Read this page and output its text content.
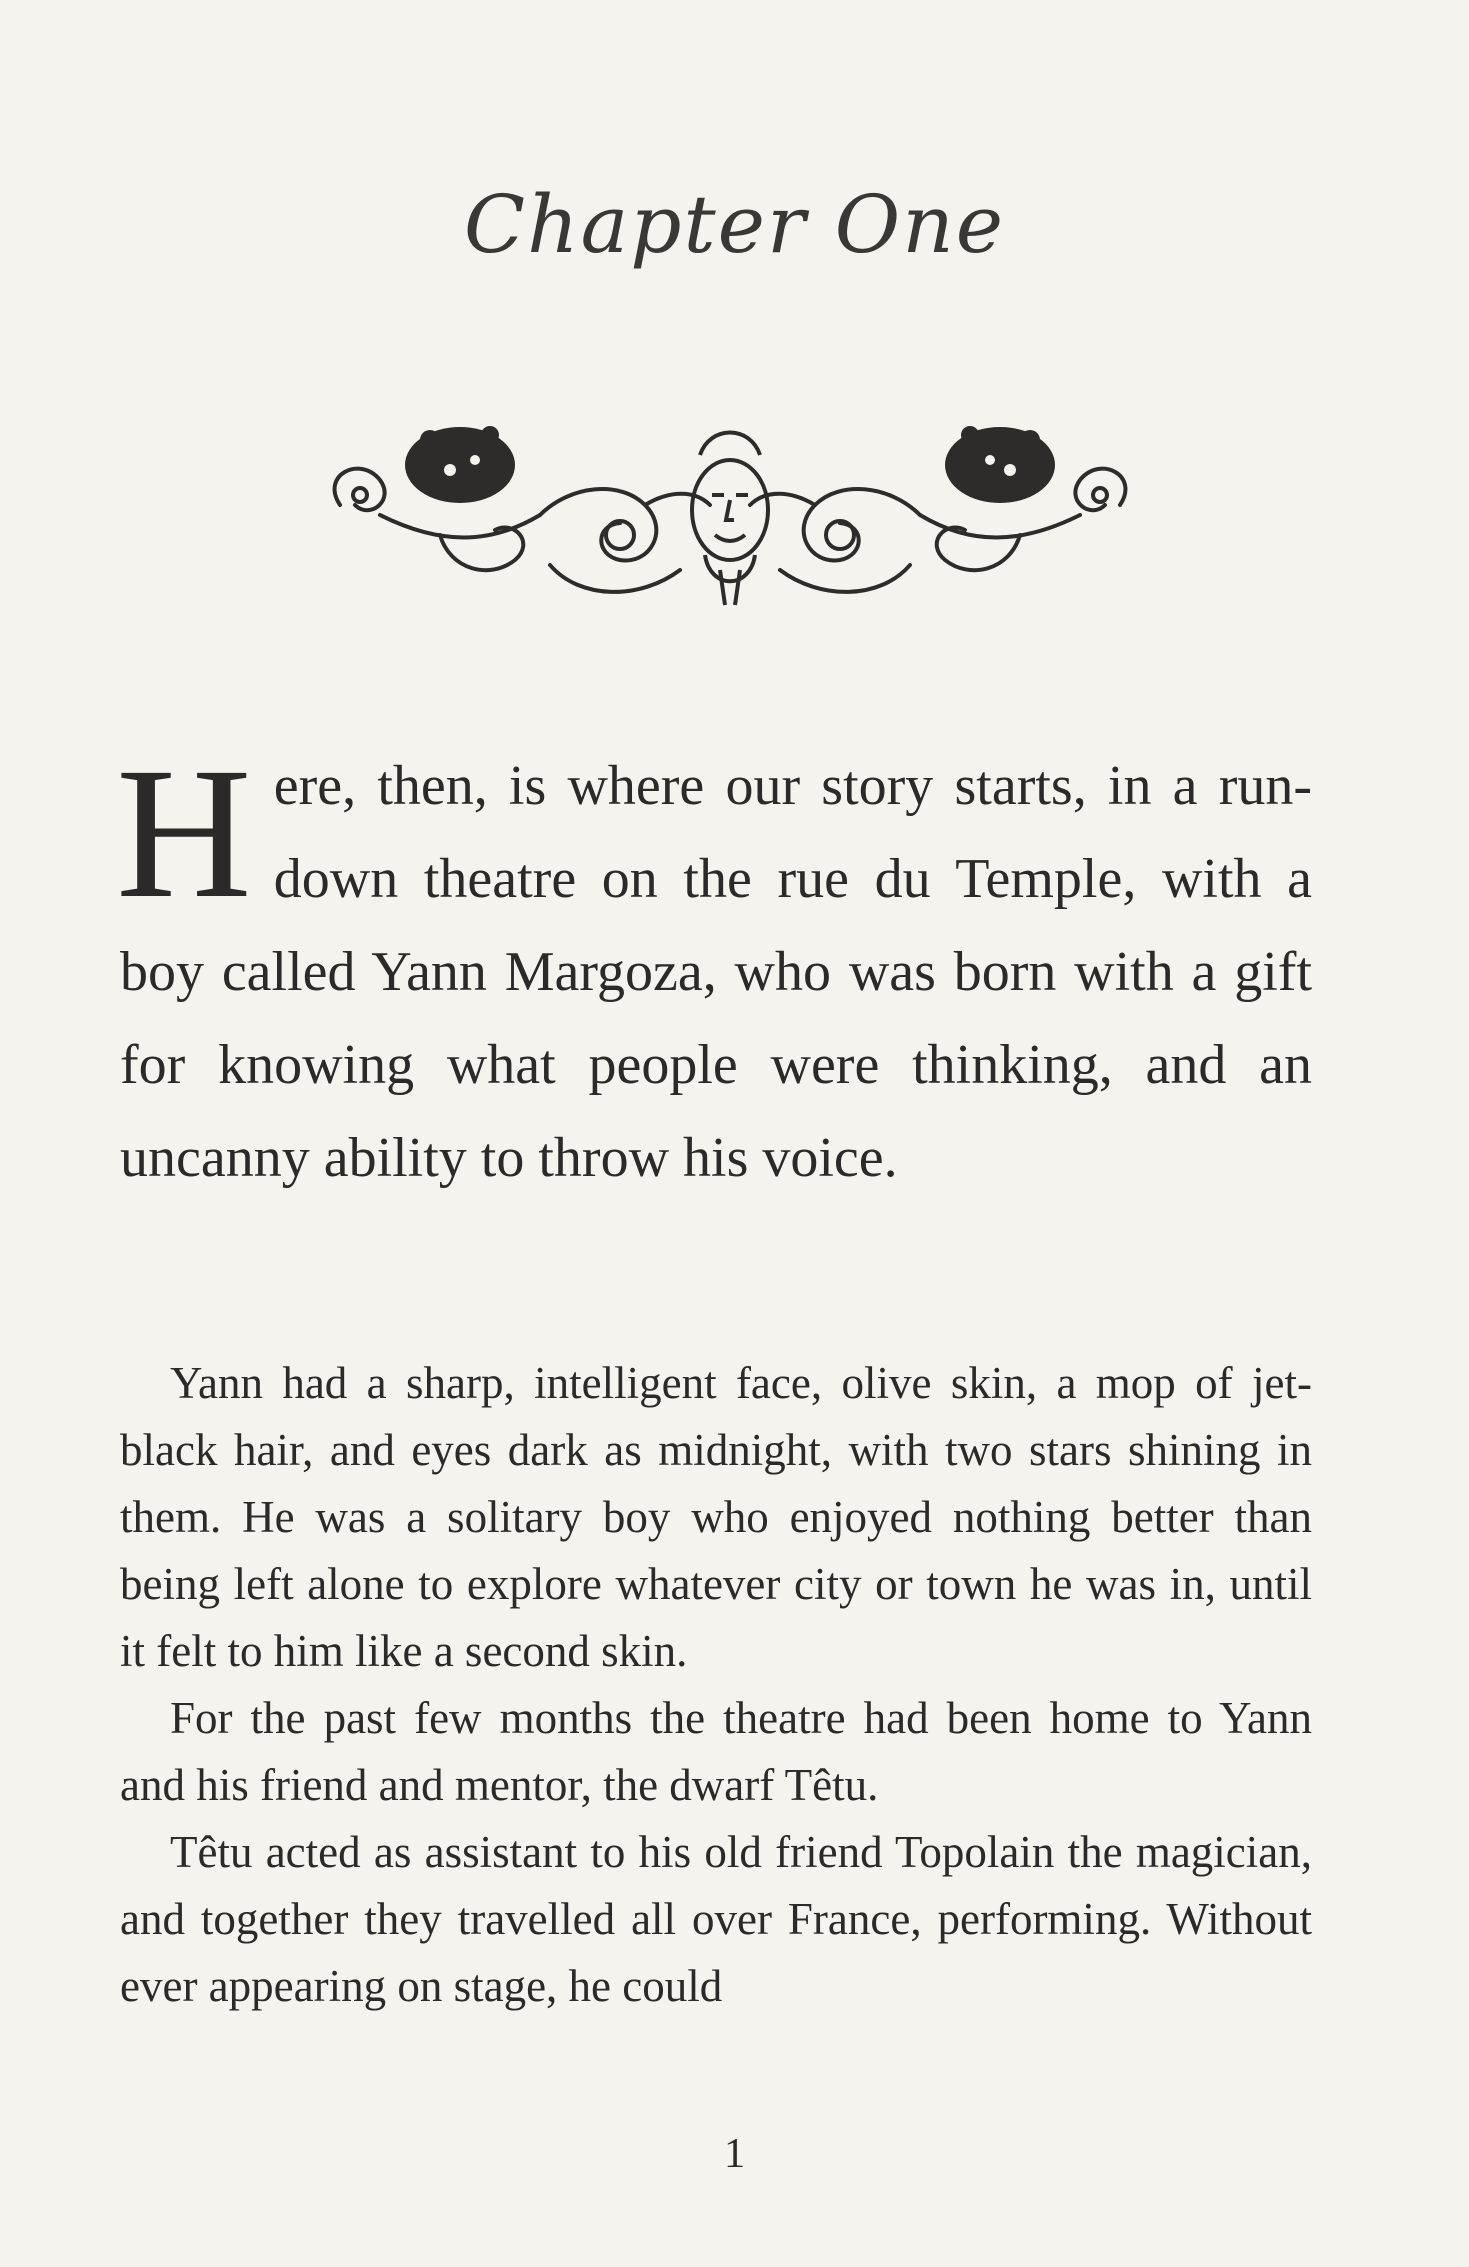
Chapter One
Here, then, is where our story starts, in a run-down theatre on the rue du Temple, with a boy called Yann Margoza, who was born with a gift for knowing what people were thinking, and an uncanny ability to throw his voice.

Yann had a sharp, intelligent face, olive skin, a mop of jet-black hair, and eyes dark as midnight, with two stars shining in them. He was a solitary boy who enjoyed nothing better than being left alone to explore whatever city or town he was in, until it felt to him like a second skin.

For the past few months the theatre had been home to Yann and his friend and mentor, the dwarf Têtu.

Têtu acted as assistant to his old friend Topolain the magician, and together they travelled all over France, performing. Without ever appearing on stage, he could

1
